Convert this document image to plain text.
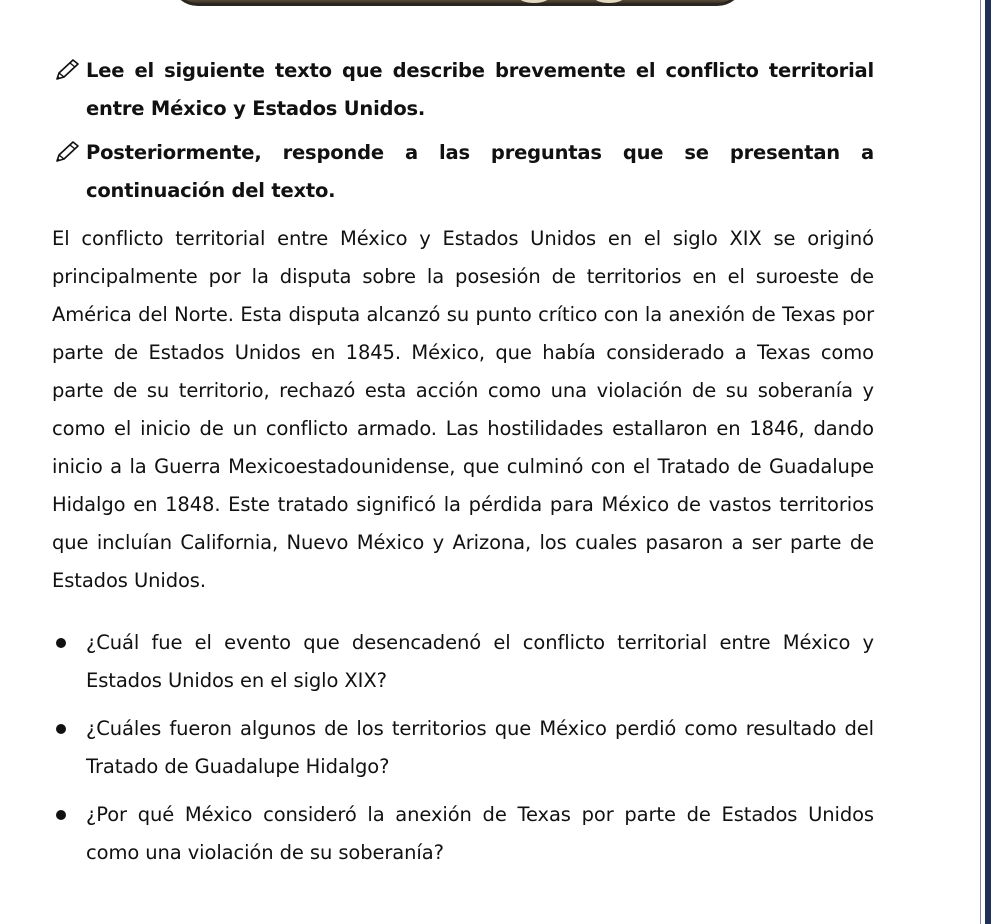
Lee el siguiente texto que describe brevemente el conflicto territorial entre México y Estados Unidos.
Posteriormente, responde a las preguntas que se presentan a continuación del texto.

El conflicto territorial entre México y Estados Unidos en el siglo XIX se originó principalmente por la disputa sobre la posesión de territorios en el suroeste de América del Norte. Esta disputa alcanzó su punto crítico con la anexión de Texas por parte de Estados Unidos en 1845. México, que había considerado a Texas como parte de su territorio, rechazó esta acción como una violación de su soberanía y como el inicio de un conflicto armado. Las hostilidades estallaron en 1846, dando inicio a la Guerra Mexicoestadounidense, que culminó con el Tratado de Guadalupe Hidalgo en 1848. Este tratado significó la pérdida para México de vastos territorios que incluían California, Nuevo México y Arizona, los cuales pasaron a ser parte de Estados Unidos.

¿Cuál fue el evento que desencadenó el conflicto territorial entre México y Estados Unidos en el siglo XIX?
¿Cuáles fueron algunos de los territorios que México perdió como resultado del Tratado de Guadalupe Hidalgo?
¿Por qué México consideró la anexión de Texas por parte de Estados Unidos como una violación de su soberanía?
